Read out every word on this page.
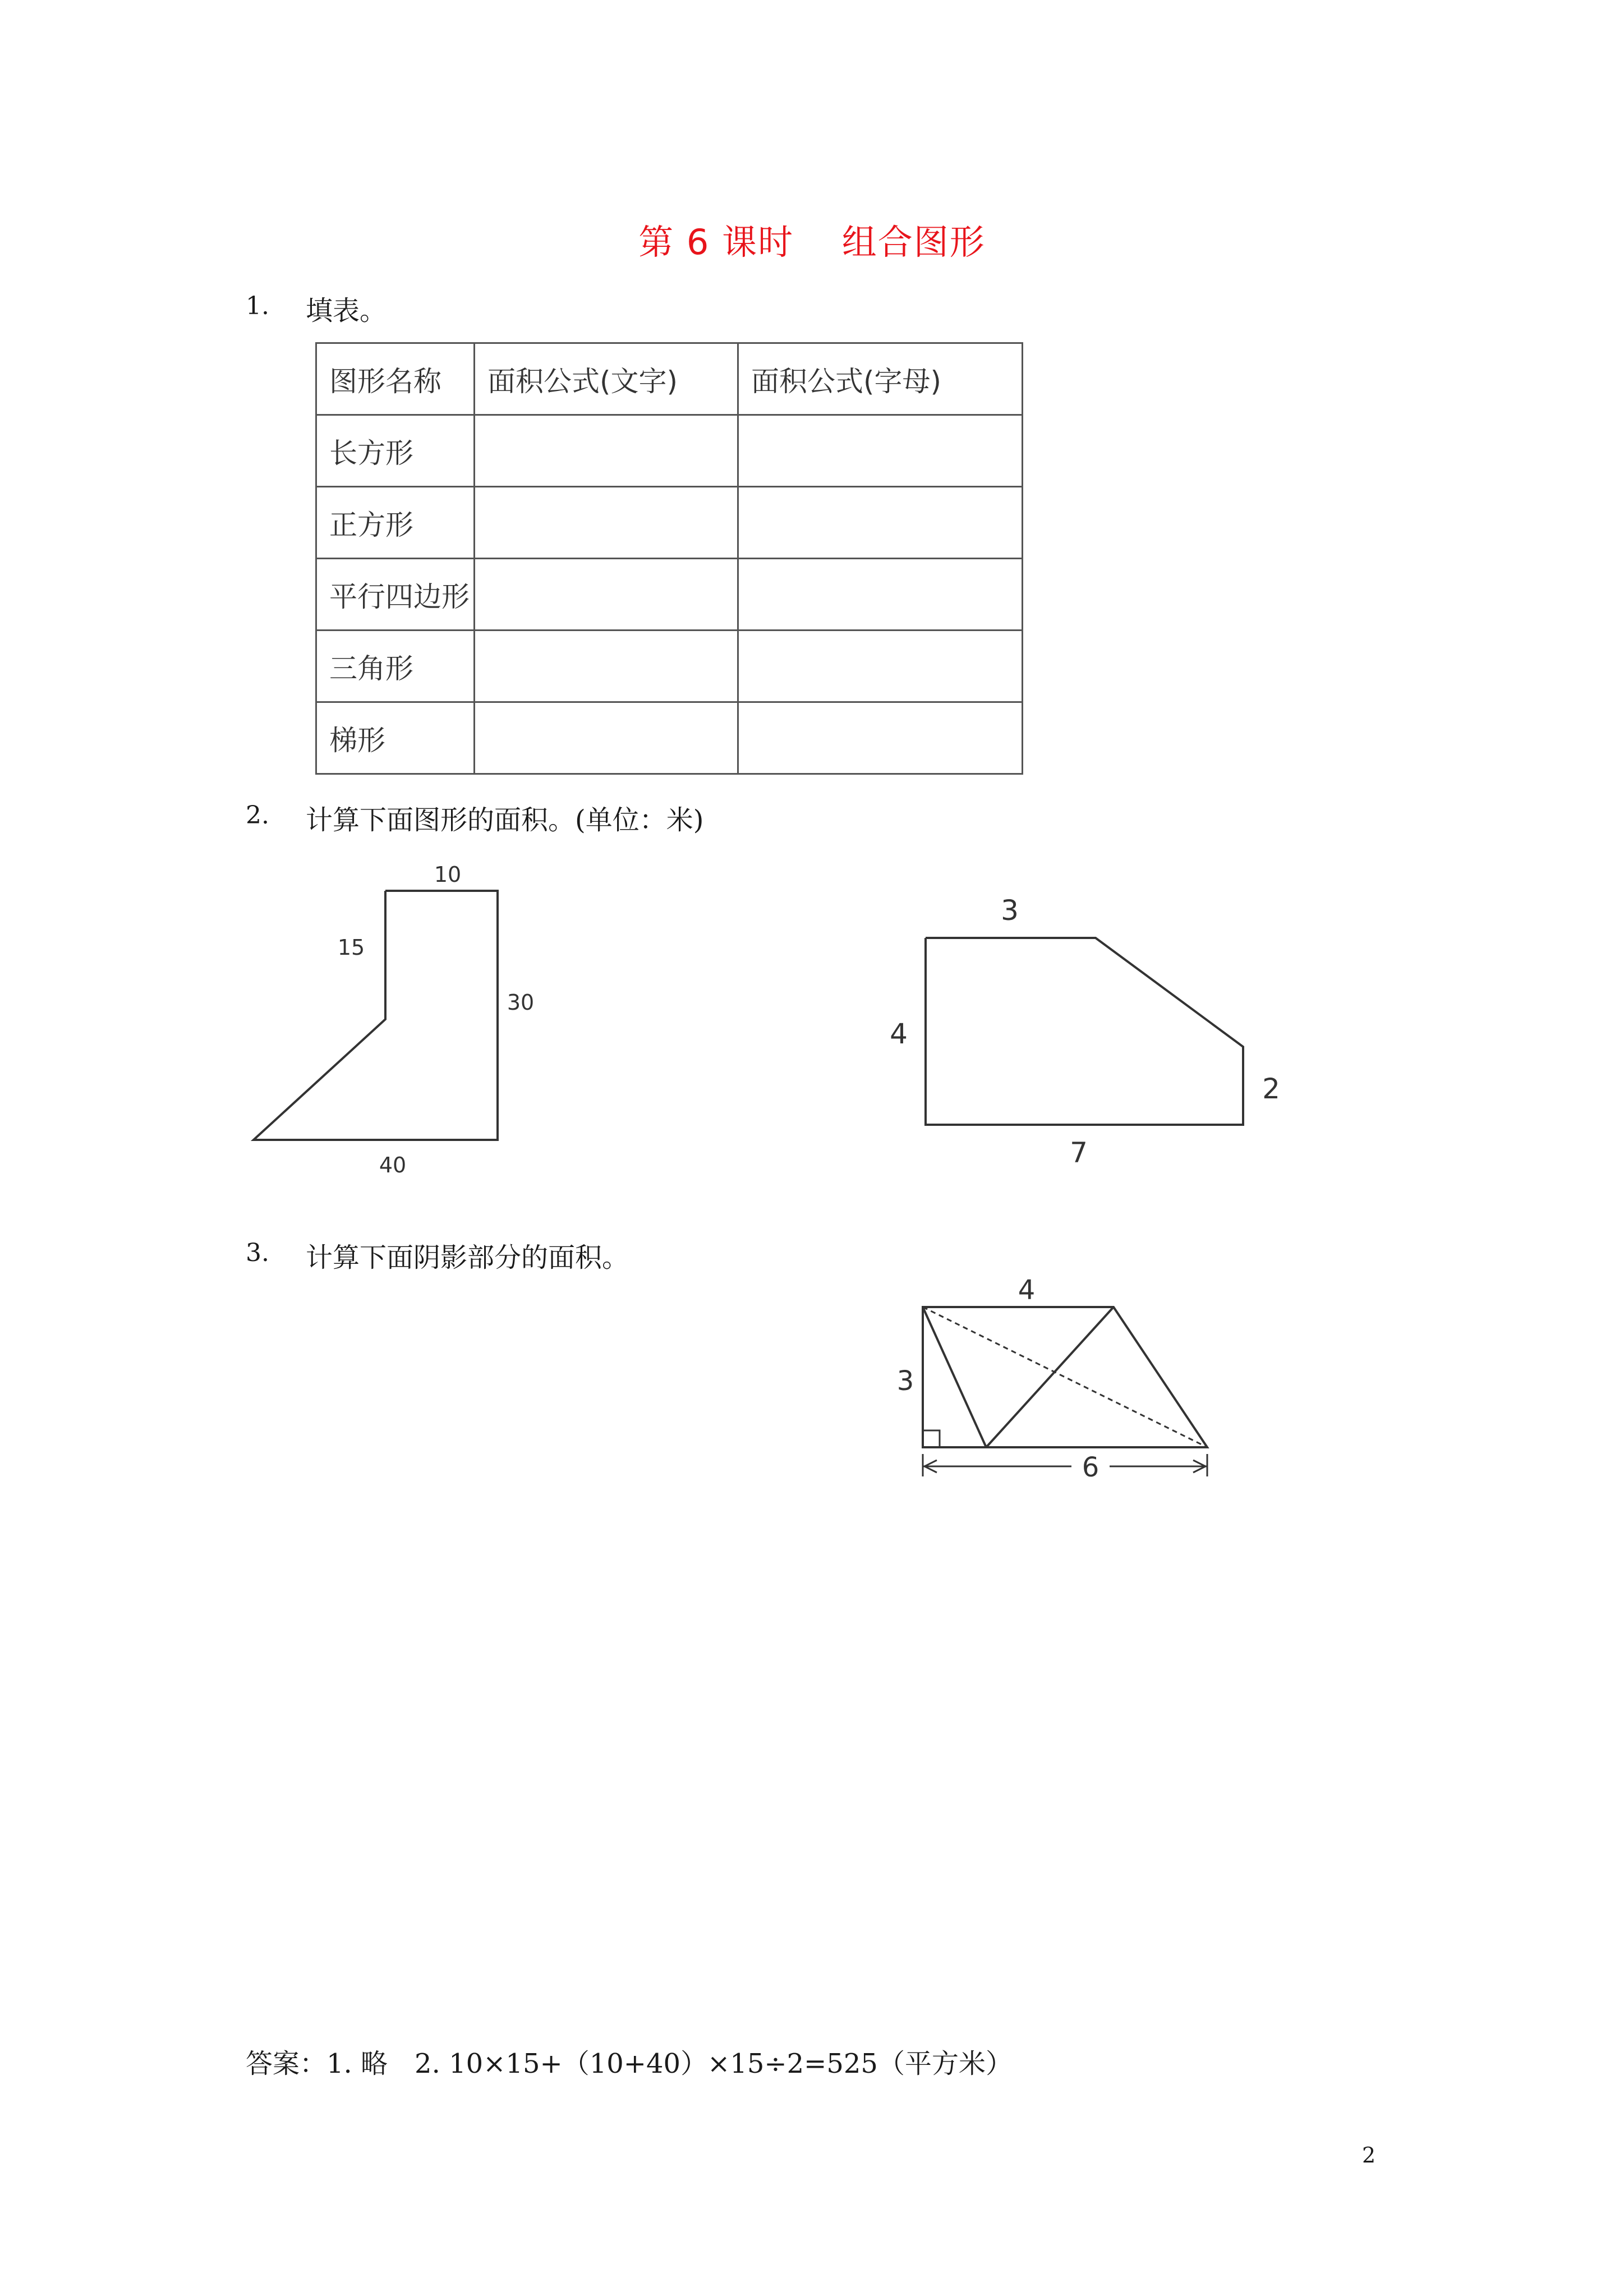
第 6 课时　 组合图形
1. 填表。
图形名称	面积公式(文字)	面积公式(字母)
长方形		
正方形		
平行四边形		
三角形		
梯形		
2. 计算下面图形的面积。(单位：米)
10
15
30
40
3
4
2
7
4
3
6
3. 计算下面阴影部分的面积。
答案：1. 略　2. 10×15+（10+40）×15÷2=525（平方米）
2
